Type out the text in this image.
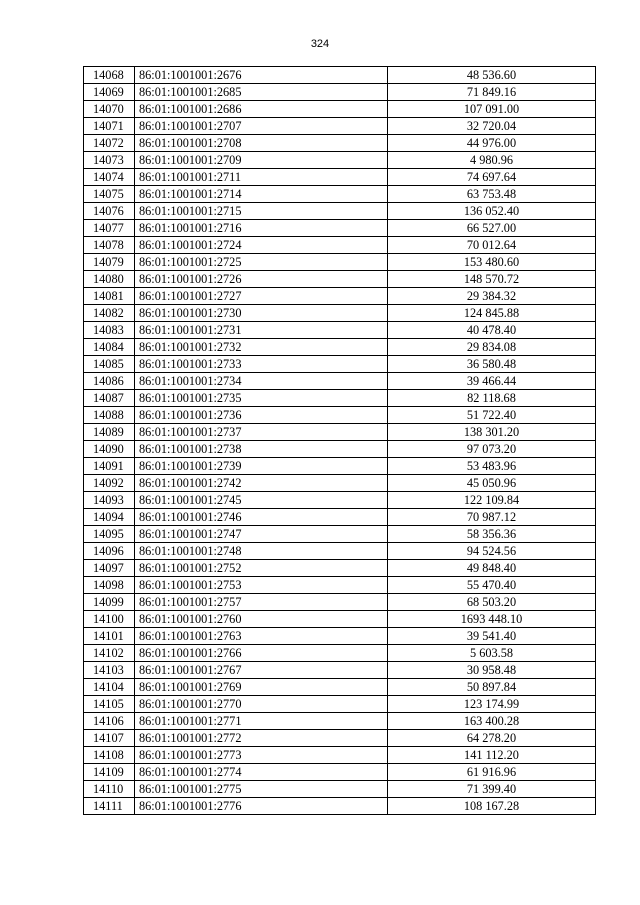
324
14068	86:01:1001001:2676	48 536.60
14069	86:01:1001001:2685	71 849.16
14070	86:01:1001001:2686	107 091.00
14071	86:01:1001001:2707	32 720.04
14072	86:01:1001001:2708	44 976.00
14073	86:01:1001001:2709	4 980.96
14074	86:01:1001001:2711	74 697.64
14075	86:01:1001001:2714	63 753.48
14076	86:01:1001001:2715	136 052.40
14077	86:01:1001001:2716	66 527.00
14078	86:01:1001001:2724	70 012.64
14079	86:01:1001001:2725	153 480.60
14080	86:01:1001001:2726	148 570.72
14081	86:01:1001001:2727	29 384.32
14082	86:01:1001001:2730	124 845.88
14083	86:01:1001001:2731	40 478.40
14084	86:01:1001001:2732	29 834.08
14085	86:01:1001001:2733	36 580.48
14086	86:01:1001001:2734	39 466.44
14087	86:01:1001001:2735	82 118.68
14088	86:01:1001001:2736	51 722.40
14089	86:01:1001001:2737	138 301.20
14090	86:01:1001001:2738	97 073.20
14091	86:01:1001001:2739	53 483.96
14092	86:01:1001001:2742	45 050.96
14093	86:01:1001001:2745	122 109.84
14094	86:01:1001001:2746	70 987.12
14095	86:01:1001001:2747	58 356.36
14096	86:01:1001001:2748	94 524.56
14097	86:01:1001001:2752	49 848.40
14098	86:01:1001001:2753	55 470.40
14099	86:01:1001001:2757	68 503.20
14100	86:01:1001001:2760	1693 448.10
14101	86:01:1001001:2763	39 541.40
14102	86:01:1001001:2766	5 603.58
14103	86:01:1001001:2767	30 958.48
14104	86:01:1001001:2769	50 897.84
14105	86:01:1001001:2770	123 174.99
14106	86:01:1001001:2771	163 400.28
14107	86:01:1001001:2772	64 278.20
14108	86:01:1001001:2773	141 112.20
14109	86:01:1001001:2774	61 916.96
14110	86:01:1001001:2775	71 399.40
14111	86:01:1001001:2776	108 167.28
